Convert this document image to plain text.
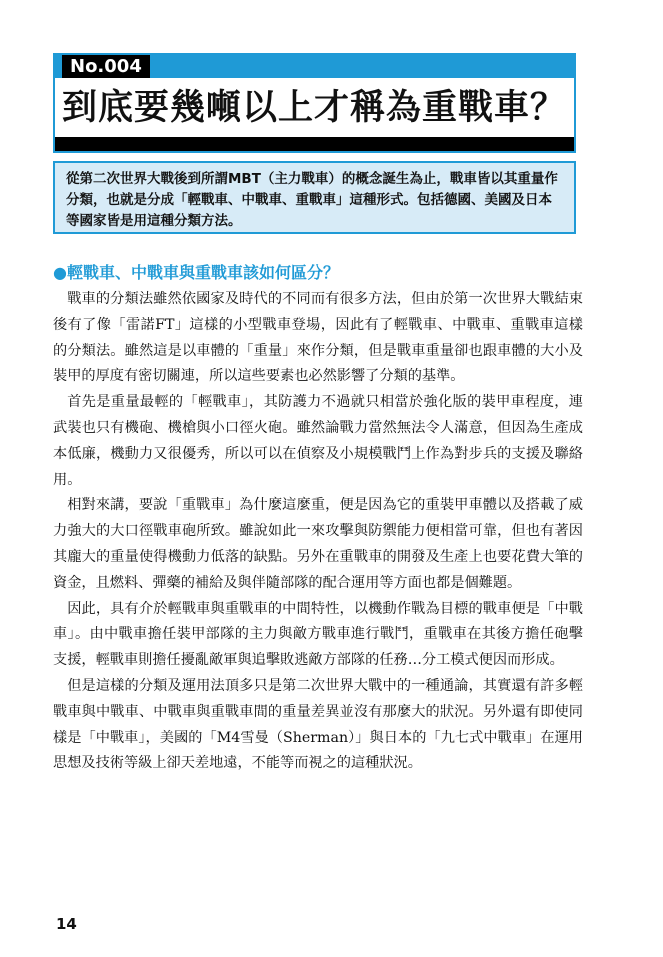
No.004
到底要幾噸以上才稱為重戰車？

從第二次世界大戰後到所謂MBT（主力戰車）的概念誕生為止，戰車皆以其重量作分類，也就是分成「輕戰車、中戰車、重戰車」這種形式。包括德國、美國及日本等國家皆是用這種分類方法。

●輕戰車、中戰車與重戰車該如何區分？

戰車的分類法雖然依國家及時代的不同而有很多方法，但由於第一次世界大戰結束後有了像「雷諾FT」這樣的小型戰車登場，因此有了輕戰車、中戰車、重戰車這樣的分類法。雖然這是以車體的「重量」來作分類，但是戰車重量卻也跟車體的大小及裝甲的厚度有密切關連，所以這些要素也必然影響了分類的基準。

首先是重量最輕的「輕戰車」，其防護力不過就只相當於強化版的裝甲車程度，連武裝也只有機砲、機槍與小口徑火砲。雖然論戰力當然無法令人滿意，但因為生產成本低廉，機動力又很優秀，所以可以在偵察及小規模戰鬥上作為對步兵的支援及聯絡用。

相對來講，要說「重戰車」為什麼這麼重，便是因為它的重裝甲車體以及搭載了威力強大的大口徑戰車砲所致。雖說如此一來攻擊與防禦能力便相當可靠，但也有著因其龐大的重量使得機動力低落的缺點。另外在重戰車的開發及生產上也要花費大筆的資金，且燃料、彈藥的補給及與伴隨部隊的配合運用等方面也都是個難題。

因此，具有介於輕戰車與重戰車的中間特性，以機動作戰為目標的戰車便是「中戰車」。由中戰車擔任裝甲部隊的主力與敵方戰車進行戰鬥，重戰車在其後方擔任砲擊支援，輕戰車則擔任擾亂敵軍與追擊敗逃敵方部隊的任務…分工模式便因而形成。

但是這樣的分類及運用法頂多只是第二次世界大戰中的一種通論，其實還有許多輕戰車與中戰車、中戰車與重戰車間的重量差異並沒有那麼大的狀況。另外還有即使同樣是「中戰車」，美國的「M4雪曼（Sherman）」與日本的「九七式中戰車」在運用思想及技術等級上卻天差地遠，不能等而視之的這種狀況。

14
